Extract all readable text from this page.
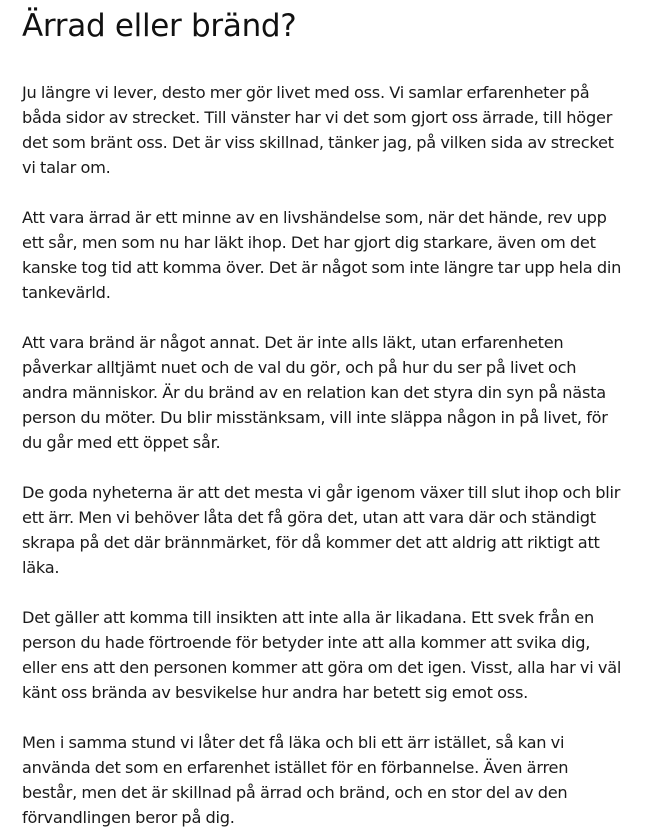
Ärrad eller bränd?

Ju längre vi lever, desto mer gör livet med oss. Vi samlar erfarenheter på
båda sidor av strecket. Till vänster har vi det som gjort oss ärrade, till höger
det som bränt oss. Det är viss skillnad, tänker jag, på vilken sida av strecket
vi talar om.

Att vara ärrad är ett minne av en livshändelse som, när det hände, rev upp
ett sår, men som nu har läkt ihop. Det har gjort dig starkare, även om det
kanske tog tid att komma över. Det är något som inte längre tar upp hela din
tankevärld.

Att vara bränd är något annat. Det är inte alls läkt, utan erfarenheten
påverkar alltjämt nuet och de val du gör, och på hur du ser på livet och
andra människor. Är du bränd av en relation kan det styra din syn på nästa
person du möter. Du blir misstänksam, vill inte släppa någon in på livet, för
du går med ett öppet sår.

De goda nyheterna är att det mesta vi går igenom växer till slut ihop och blir
ett ärr. Men vi behöver låta det få göra det, utan att vara där och ständigt
skrapa på det där brännmärket, för då kommer det att aldrig att riktigt att
läka.

Det gäller att komma till insikten att inte alla är likadana. Ett svek från en
person du hade förtroende för betyder inte att alla kommer att svika dig,
eller ens att den personen kommer att göra om det igen. Visst, alla har vi väl
känt oss brända av besvikelse hur andra har betett sig emot oss.

Men i samma stund vi låter det få läka och bli ett ärr istället, så kan vi
använda det som en erfarenhet istället för en förbannelse. Även ärren
består, men det är skillnad på ärrad och bränd, och en stor del av den
förvandlingen beror på dig.
